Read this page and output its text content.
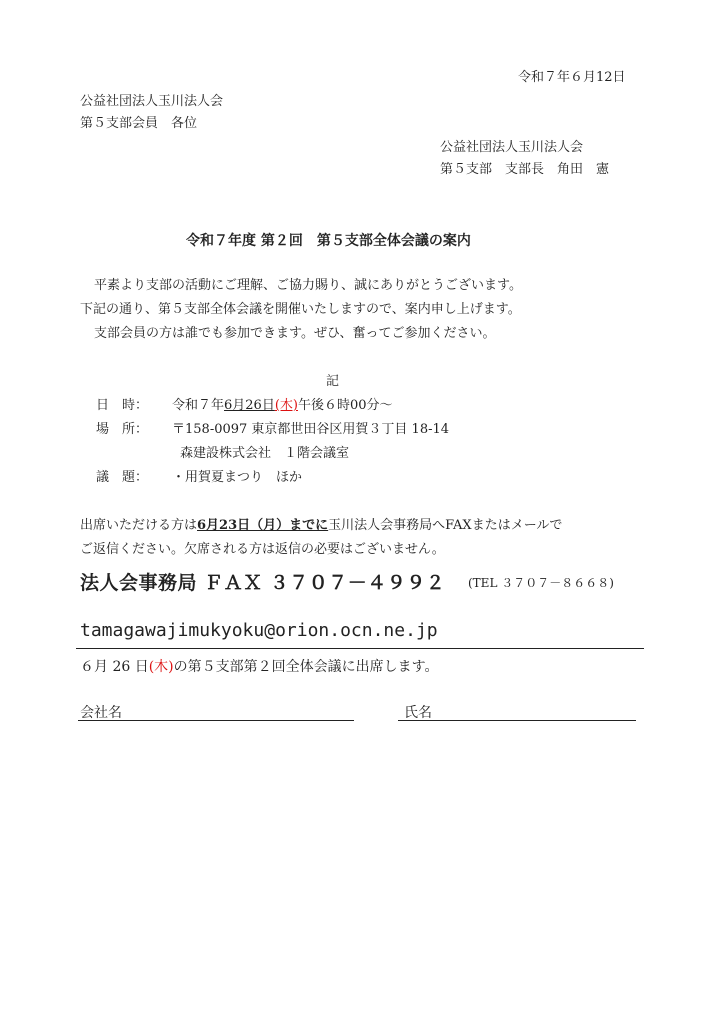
令和７年６月12日
公益社団法人玉川法人会
第５支部会員　各位
公益社団法人玉川法人会
第５支部　支部長　角田　憲
令和７年度 第２回　第５支部全体会議の案内
平素より支部の活動にご理解、ご協力賜り、誠にありがとうございます。
下記の通り、第５支部全体会議を開催いたしますので、案内申し上げます。
支部会員の方は誰でも参加できます。ぜひ、奮ってご参加ください。
記
日　時： 令和７年6月26日(木)午後６時00分～
場　所： 〒158-0097 東京都世田谷区用賀３丁目 18-14
森建設株式会社　１階会議室
議　題： ・用賀夏まつり　ほか
出席いただける方は6月23日（月）までに玉川法人会事務局へFAXまたはメールで
ご返信ください。欠席される方は返信の必要はございません。
法人会事務局 ＦＡＸ ３７０７－４９９２ (TEL ３７０７－８６６８)
tamagawajimukyoku@orion.ocn.ne.jp
６月 26 日(木)の第５支部第２回全体会議に出席します。
会社名	氏名
